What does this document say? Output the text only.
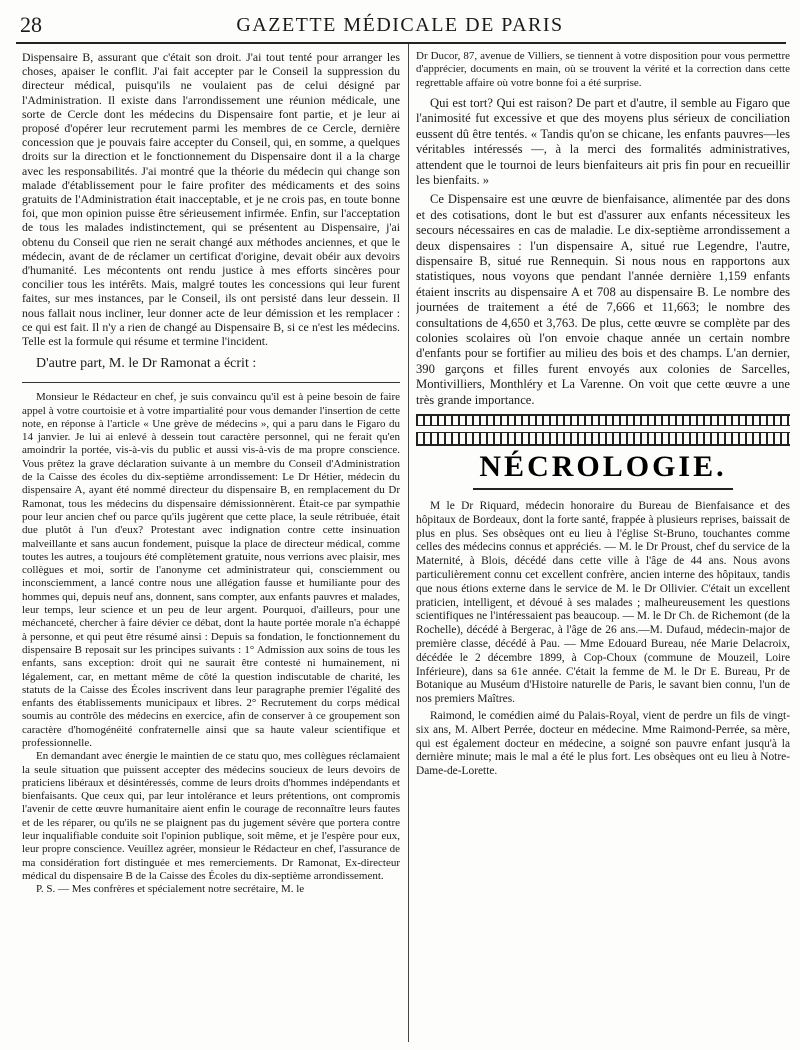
28	GAZETTE MÉDICALE DE PARIS

Dispensaire B, assurant que c'était son droit. J'ai tout tenté pour arranger les choses, apaiser le conflit. J'ai fait accepter par le Conseil la suppression du directeur médical, puisqu'ils ne voulaient pas de celui désigné par l'Administration. Il existe dans l'arrondissement une réunion médicale, une sorte de Cercle dont les médecins du Dispensaire font partie, et je leur ai proposé d'opérer leur recrutement parmi les membres de ce Cercle, dernière concession que je pouvais faire accepter du Conseil, qui, en somme, a quelques droits sur la direction et le fonctionnement du Dispensaire dont il a la charge avec les responsabilités. J'ai montré que la théorie du médecin qui change son malade d'établissement pour le faire profiter des médicaments et des soins gratuits de l'Administration était inacceptable, et je ne crois pas, en toute bonne foi, que mon opinion puisse être sérieusement infirmée. Enfin, sur l'acceptation de tous les malades indistinctement, qui se présentent au Dispensaire, j'ai obtenu du Conseil que rien ne serait changé aux méthodes anciennes, et que le médecin, avant de de réclamer un certificat d'origine, devait obéir aux devoirs d'humanité. Les mécontents ont rendu justice à mes efforts sincères pour concilier tous les intérêts. Mais, malgré toutes les concessions qui leur furent faites, sur mes instances, par le Conseil, ils ont persisté dans leur dessein. Il nous fallait nous incliner, leur donner acte de leur démission et les remplacer : ce qui est fait. Il n'y a rien de changé au Dispensaire B, si ce n'est les médecins. Telle est la formule qui résume et termine l'incident.

D'autre part, M. le Dr Ramonat a écrit :

Monsieur le Rédacteur en chef, je suis convaincu qu'il est à peine besoin de faire appel à votre courtoisie et à votre impartialité pour vous demander l'insertion de cette note, en réponse à l'article « Une grève de médecins », qui a paru dans le Figaro du 14 janvier. Je lui ai enlevé à dessein tout caractère personnel, qui ne ferait qu'en amoindrir la portée, vis-à-vis du public et aussi vis-à-vis de ma propre conscience. Vous prêtez la grave déclaration suivante à un membre du Conseil d'Administration de la Caisse des écoles du dix-septième arrondissement: Le Dr Hétier, médecin du dispensaire A, ayant été nommé directeur du dispensaire B, en remplacement du Dr Ramonat, tous les médecins du dispensaire démissionnèrent. Était-ce par sympathie pour leur ancien chef ou parce qu'ils jugèrent que cette place, la seule rétribuée, était due plutôt à l'un d'eux? Protestant avec indignation contre cette insinuation malveillante et sans aucun fondement, puisque la place de directeur médical, comme toutes les autres, a toujours été complètement gratuite, nous verrions avec plaisir, mes collègues et moi, sortir de l'anonyme cet administrateur qui, consciemment ou inconsciemment, a lancé contre nous une allégation fausse et humiliante pour des hommes qui, depuis neuf ans, donnent, sans compter, aux enfants pauvres et malades, leur temps, leur science et un peu de leur argent. Pourquoi, d'ailleurs, pour une méchanceté, chercher à faire dévier ce débat, dont la haute portée morale n'a échappé à personne, et qui peut être résumé ainsi : Depuis sa fondation, le fonctionnement du dispensaire B reposait sur les principes suivants : 1° Admission aux soins de tous les enfants, sans exception: droit qui ne saurait être contesté ni humainement, ni légalement, car, en mettant même de côté la question indiscutable de charité, les statuts de la Caisse des Écoles inscrivent dans leur paragraphe premier l'égalité des enfants des établissements municipaux et libres. 2° Recrutement du corps médical soumis au contrôle des médecins en exercice, afin de conserver à ce groupement son caractère d'homogénéité confraternelle ainsi que sa haute valeur scientifique et professionnelle.

En demandant avec énergie le maintien de ce statu quo, mes collègues réclamaient la seule situation que puissent accepter des médecins soucieux de leurs devoirs de praticiens libéraux et désintéressés, comme de leurs droits d'hommes indépendants et bienfaisants. Que ceux qui, par leur intolérance et leurs prétentions, ont compromis l'avenir de cette œuvre humanitaire aient enfin le courage de reconnaître leurs fautes et de les réparer, ou qu'ils ne se plaignent pas du jugement sévère que portera contre leur inqualifiable conduite soit l'opinion publique, soit même, et je l'espère pour eux, leur propre conscience. Veuillez agréer, monsieur le Rédacteur en chef, l'assurance de ma considération fort distinguée et mes remerciements. Dr Ramonat, Ex-directeur médical du dispensaire B de la Caisse des Écoles du dix-septième arrondissement.

P. S. — Mes confrères et spécialement notre secrétaire, M. le

Dr Ducor, 87, avenue de Villiers, se tiennent à votre disposition pour vous permettre d'apprécier, documents en main, où se trouvent la vérité et la correction dans cette regrettable affaire où votre bonne foi a été surprise.

Qui est tort? Qui est raison? De part et d'autre, il semble au Figaro que l'animosité fut excessive et que des moyens plus sérieux de conciliation eussent dû être tentés. « Tandis qu'on se chicane, les enfants pauvres—les véritables intéressés —, à la merci des formalités administratives, attendent que le tournoi de leurs bienfaiteurs ait pris fin pour en recueillir les bienfaits. »

Ce Dispensaire est une œuvre de bienfaisance, alimentée par des dons et des cotisations, dont le but est d'assurer aux enfants nécessiteux les secours nécessaires en cas de maladie. Le dix-septième arrondissement a deux dispensaires : l'un dispensaire A, situé rue Legendre, l'autre, dispensaire B, situé rue Rennequin. Si nous nous en rapportons aux statistiques, nous voyons que pendant l'année dernière 1,159 enfants étaient inscrits au dispensaire A et 708 au dispensaire B. Le nombre des journées de traitement a été de 7,666 et 11,663; le nombre des consultations de 4,650 et 3,763. De plus, cette œuvre se complète par des colonies scolaires où l'on envoie chaque année un certain nombre d'enfants pour se fortifier au milieu des bois et des champs. L'an dernier, 390 garçons et filles furent envoyés aux colonies de Sarcelles, Montivilliers, Monthléry et La Varenne. On voit que cette œuvre a une très grande importance.

NÉCROLOGIE.

M le Dr Riquard, médecin honoraire du Bureau de Bienfaisance et des hôpitaux de Bordeaux, dont la forte santé, frappée à plusieurs reprises, baissait de plus en plus. Ses obsèques ont eu lieu à l'église St-Bruno, touchantes comme celles des médecins connus et appréciés. — M. le Dr Proust, chef du service de la Maternité, à Blois, décédé dans cette ville à l'âge de 44 ans. Nous avons particulièrement connu cet excellent confrère, ancien interne des hôpitaux, tandis que nous étions externe dans le service de M. le Dr Ollivier. C'était un excellent praticien, intelligent, et dévoué à ses malades ; malheureusement les questions scientifiques ne l'intéressaient pas beaucoup. — M. le Dr Ch. de Richemont (de la Rochelle), décédé à Bergerac, à l'âge de 26 ans.—M. Dufaud, médecin-major de première classe, décédé à Pau. — Mme Edouard Bureau, née Marie Delacroix, décédée le 2 décembre 1899, à Cop-Choux (commune de Mouzeil, Loire Inférieure), dans sa 61e année. C'était la femme de M. le Dr E. Bureau, Pr de Botanique au Muséum d'Histoire naturelle de Paris, le savant bien connu, l'un de nos premiers Maîtres.

Raimond, le comédien aimé du Palais-Royal, vient de perdre un fils de vingt-six ans, M. Albert Perrée, docteur en médecine. Mme Raimond-Perrée, sa mère, qui est également docteur en médecine, a soigné son pauvre enfant jusqu'à la dernière minute; mais le mal a été le plus fort. Les obsèques ont eu lieu à Notre-Dame-de-Lorette.
